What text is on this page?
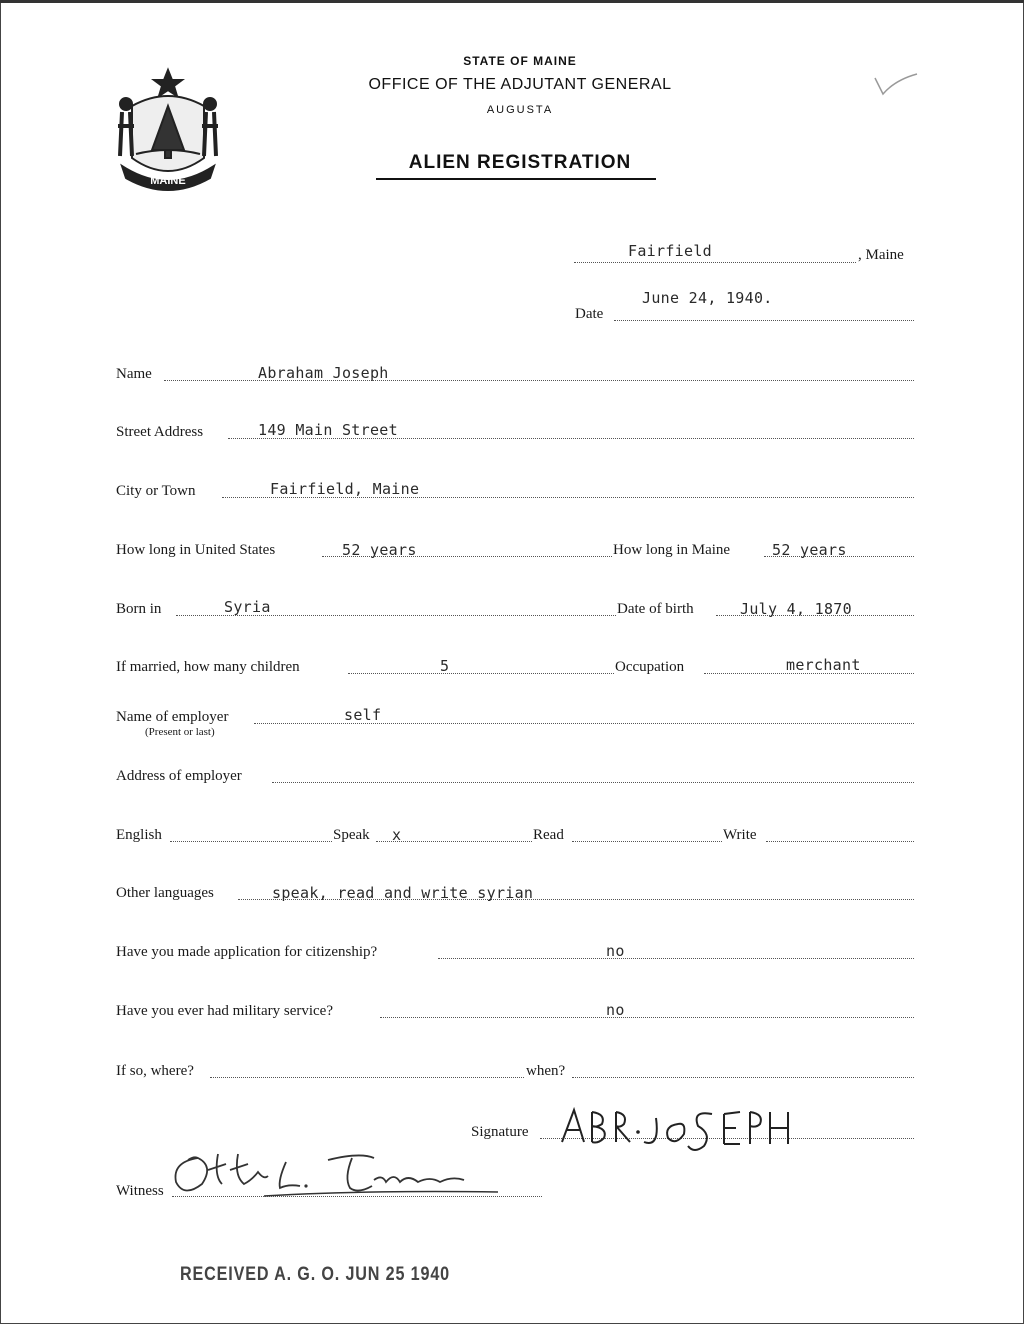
MAINE
STATE OF MAINE
OFFICE OF THE ADJUTANT GENERAL
AUGUSTA
ALIEN REGISTRATION
Fairfield	, Maine
Date
June 24, 1940.
Name	Abraham Joseph
Street Address	149 Main Street
City or Town	Fairfield, Maine
How long in United States	52 years	How long in Maine	52 years
Born in	Syria	Date of birth	July 4, 1870
If married, how many children	5	Occupation	merchant
Name of employer	self
(Present or last)
Address of employer
English	Speak x	Read	Write
Other languages	speak, read and write syrian
Have you made application for citizenship?	no
Have you ever had military service?	no
If so, where?	when?
Signature
Witness
RECEIVED A. G. O. JUN 25 1940
